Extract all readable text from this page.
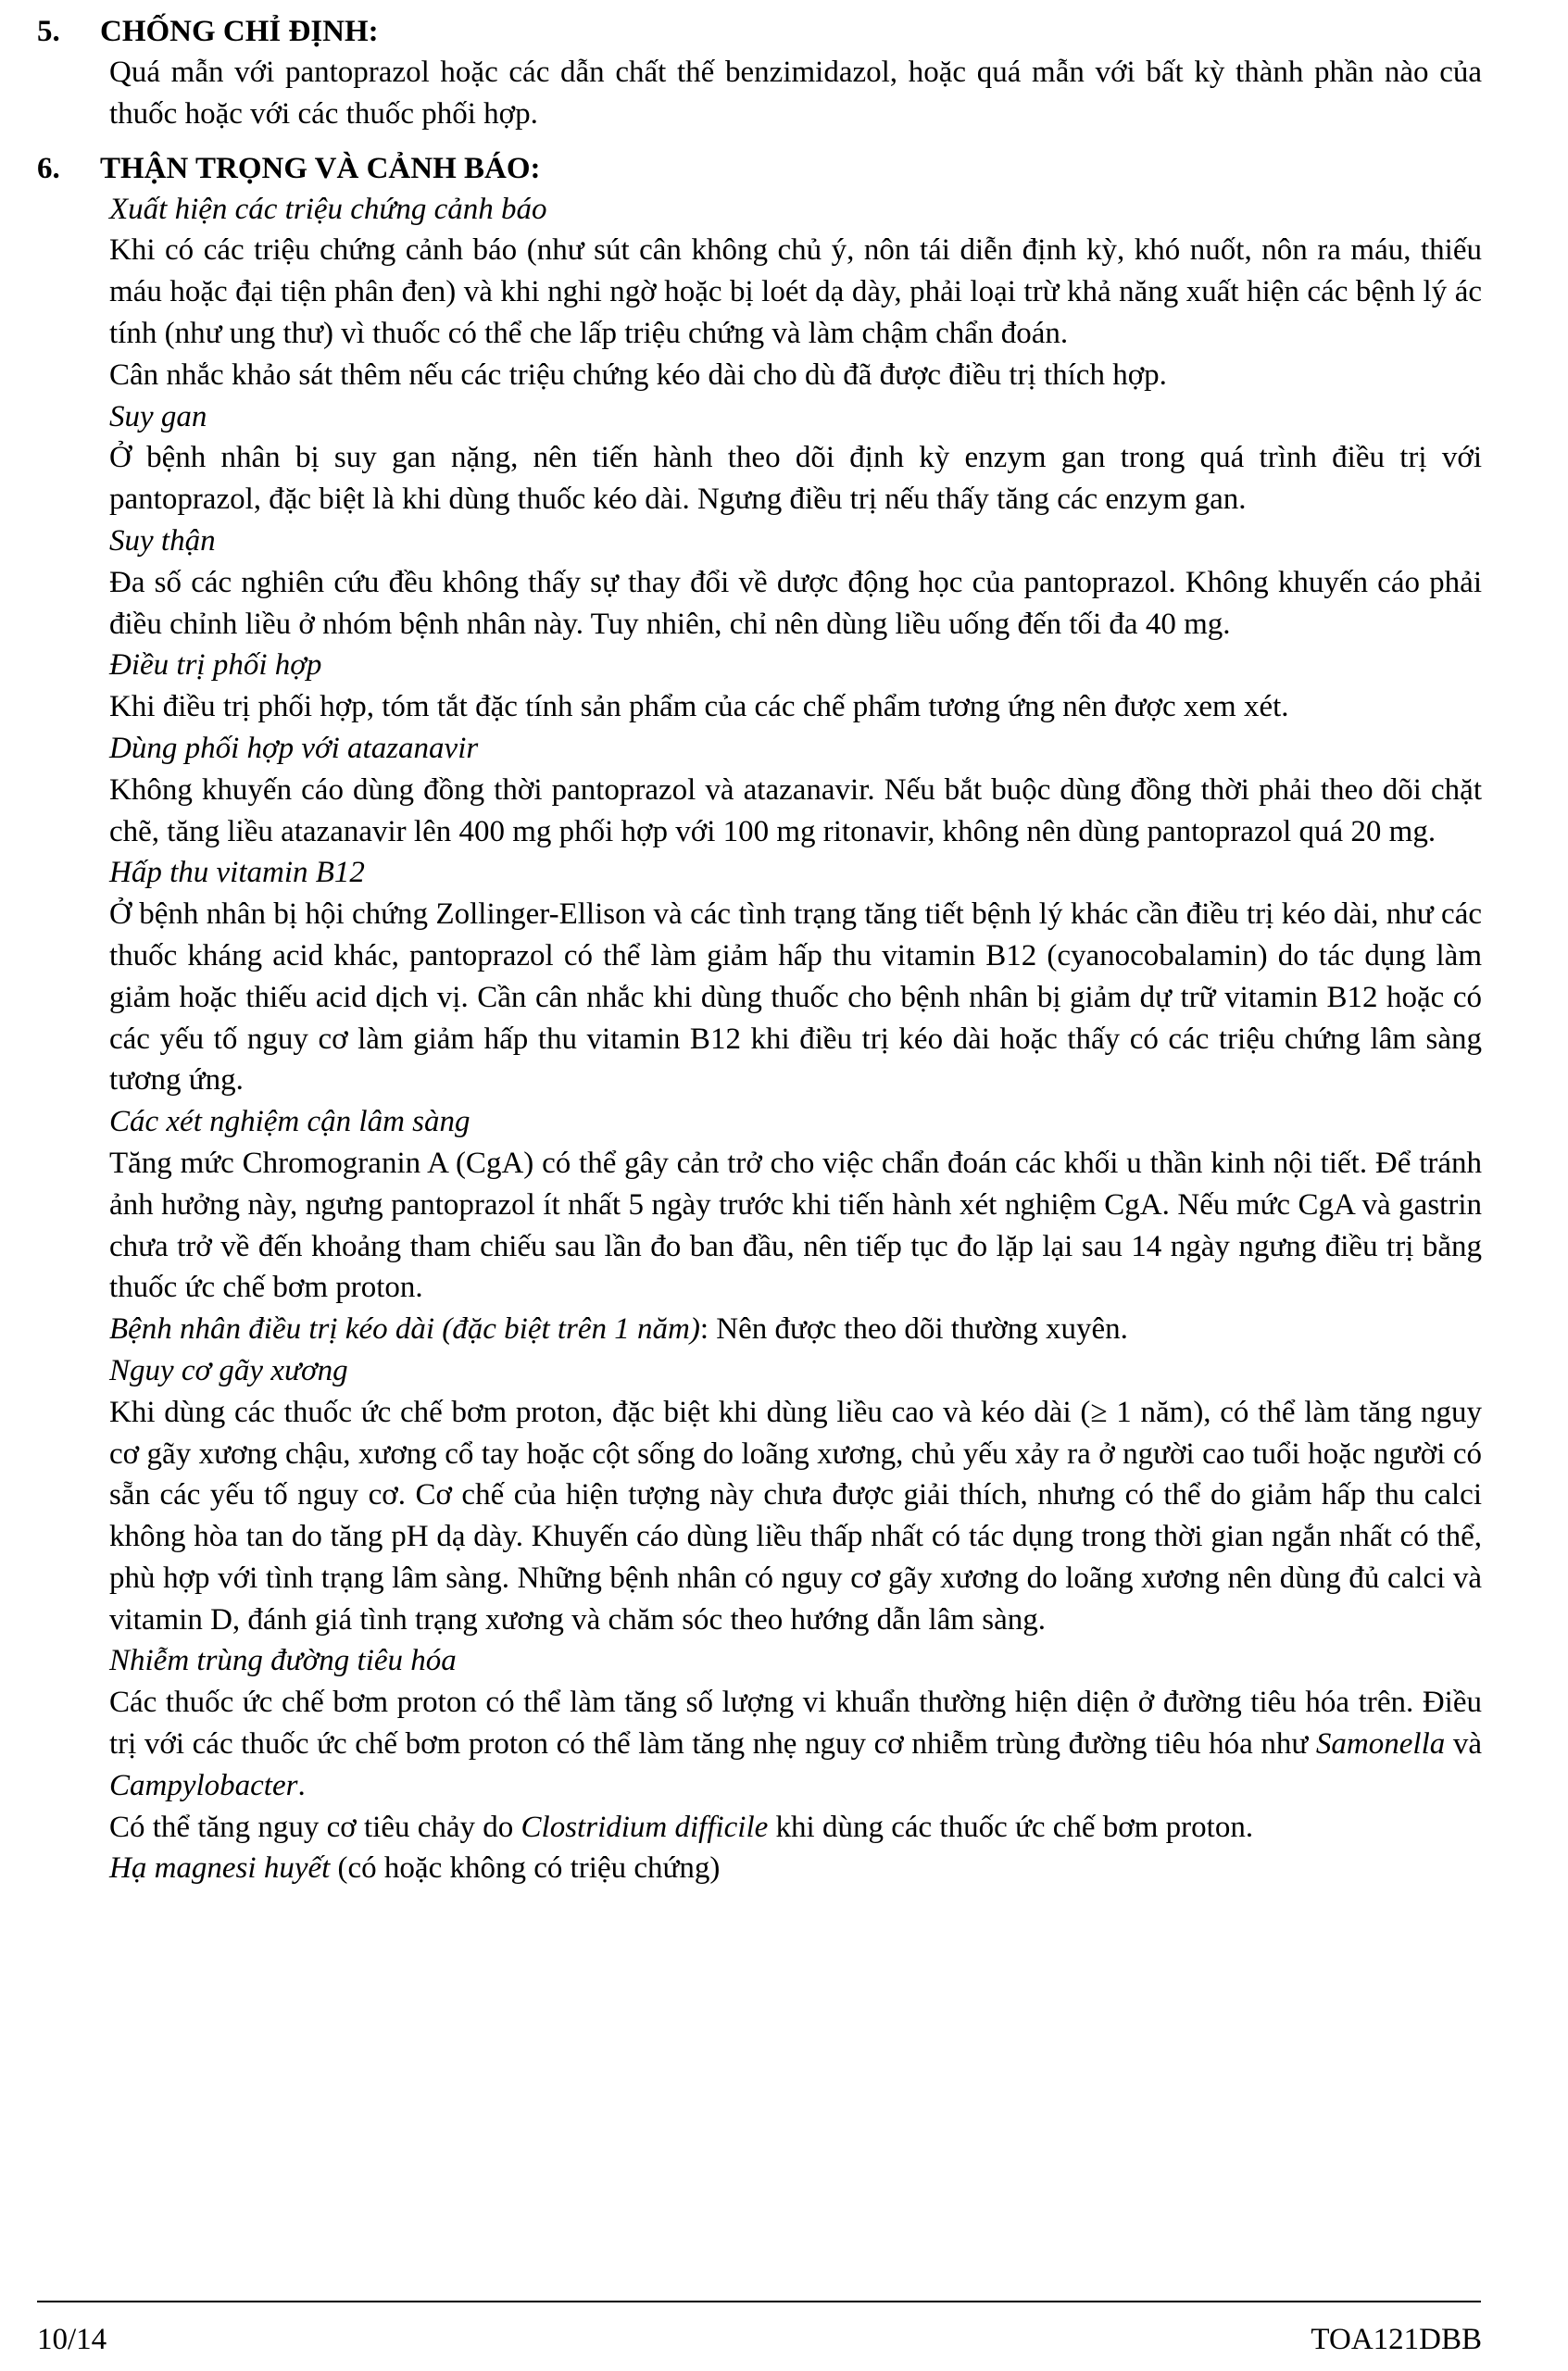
5.	CHỐNG CHỈ ĐỊNH:
Quá mẫn với pantoprazol hoặc các dẫn chất thế benzimidazol, hoặc quá mẫn với bất kỳ thành phần nào của thuốc hoặc với các thuốc phối hợp.
6.	THẬN TRỌNG VÀ CẢNH BÁO:
Xuất hiện các triệu chứng cảnh báo
Khi có các triệu chứng cảnh báo (như sút cân không chủ ý, nôn tái diễn định kỳ, khó nuốt, nôn ra máu, thiếu máu hoặc đại tiện phân đen) và khi nghi ngờ hoặc bị loét dạ dày, phải loại trừ khả năng xuất hiện các bệnh lý ác tính (như ung thư) vì thuốc có thể che lấp triệu chứng và làm chậm chẩn đoán.
Cân nhắc khảo sát thêm nếu các triệu chứng kéo dài cho dù đã được điều trị thích hợp.
Suy gan
Ở bệnh nhân bị suy gan nặng, nên tiến hành theo dõi định kỳ enzym gan trong quá trình điều trị với pantoprazol, đặc biệt là khi dùng thuốc kéo dài. Ngưng điều trị nếu thấy tăng các enzym gan.
Suy thận
Đa số các nghiên cứu đều không thấy sự thay đổi về dược động học của pantoprazol. Không khuyến cáo phải điều chỉnh liều ở nhóm bệnh nhân này. Tuy nhiên, chỉ nên dùng liều uống đến tối đa 40 mg.
Điều trị phối hợp
Khi điều trị phối hợp, tóm tắt đặc tính sản phẩm của các chế phẩm tương ứng nên được xem xét.
Dùng phối hợp với atazanavir
Không khuyến cáo dùng đồng thời pantoprazol và atazanavir. Nếu bắt buộc dùng đồng thời phải theo dõi chặt chẽ, tăng liều atazanavir lên 400 mg phối hợp với 100 mg ritonavir, không nên dùng pantoprazol quá 20 mg.
Hấp thu vitamin B12
Ở bệnh nhân bị hội chứng Zollinger-Ellison và các tình trạng tăng tiết bệnh lý khác cần điều trị kéo dài, như các thuốc kháng acid khác, pantoprazol có thể làm giảm hấp thu vitamin B12 (cyanocobalamin) do tác dụng làm giảm hoặc thiếu acid dịch vị. Cần cân nhắc khi dùng thuốc cho bệnh nhân bị giảm dự trữ vitamin B12 hoặc có các yếu tố nguy cơ làm giảm hấp thu vitamin B12 khi điều trị kéo dài hoặc thấy có các triệu chứng lâm sàng tương ứng.
Các xét nghiệm cận lâm sàng
Tăng mức Chromogranin A (CgA) có thể gây cản trở cho việc chẩn đoán các khối u thần kinh nội tiết. Để tránh ảnh hưởng này, ngưng pantoprazol ít nhất 5 ngày trước khi tiến hành xét nghiệm CgA. Nếu mức CgA và gastrin chưa trở về đến khoảng tham chiếu sau lần đo ban đầu, nên tiếp tục đo lặp lại sau 14 ngày ngưng điều trị bằng thuốc ức chế bơm proton.
Bệnh nhân điều trị kéo dài (đặc biệt trên 1 năm): Nên được theo dõi thường xuyên.
Nguy cơ gãy xương
Khi dùng các thuốc ức chế bơm proton, đặc biệt khi dùng liều cao và kéo dài (≥ 1 năm), có thể làm tăng nguy cơ gãy xương chậu, xương cổ tay hoặc cột sống do loãng xương, chủ yếu xảy ra ở người cao tuổi hoặc người có sẵn các yếu tố nguy cơ. Cơ chế của hiện tượng này chưa được giải thích, nhưng có thể do giảm hấp thu calci không hòa tan do tăng pH dạ dày. Khuyến cáo dùng liều thấp nhất có tác dụng trong thời gian ngắn nhất có thể, phù hợp với tình trạng lâm sàng. Những bệnh nhân có nguy cơ gãy xương do loãng xương nên dùng đủ calci và vitamin D, đánh giá tình trạng xương và chăm sóc theo hướng dẫn lâm sàng.
Nhiễm trùng đường tiêu hóa
Các thuốc ức chế bơm proton có thể làm tăng số lượng vi khuẩn thường hiện diện ở đường tiêu hóa trên. Điều trị với các thuốc ức chế bơm proton có thể làm tăng nhẹ nguy cơ nhiễm trùng đường tiêu hóa như Samonella và Campylobacter.
Có thể tăng nguy cơ tiêu chảy do Clostridium difficile khi dùng các thuốc ức chế bơm proton.
Hạ magnesi huyết (có hoặc không có triệu chứng)
10/14	TOA121DBB
